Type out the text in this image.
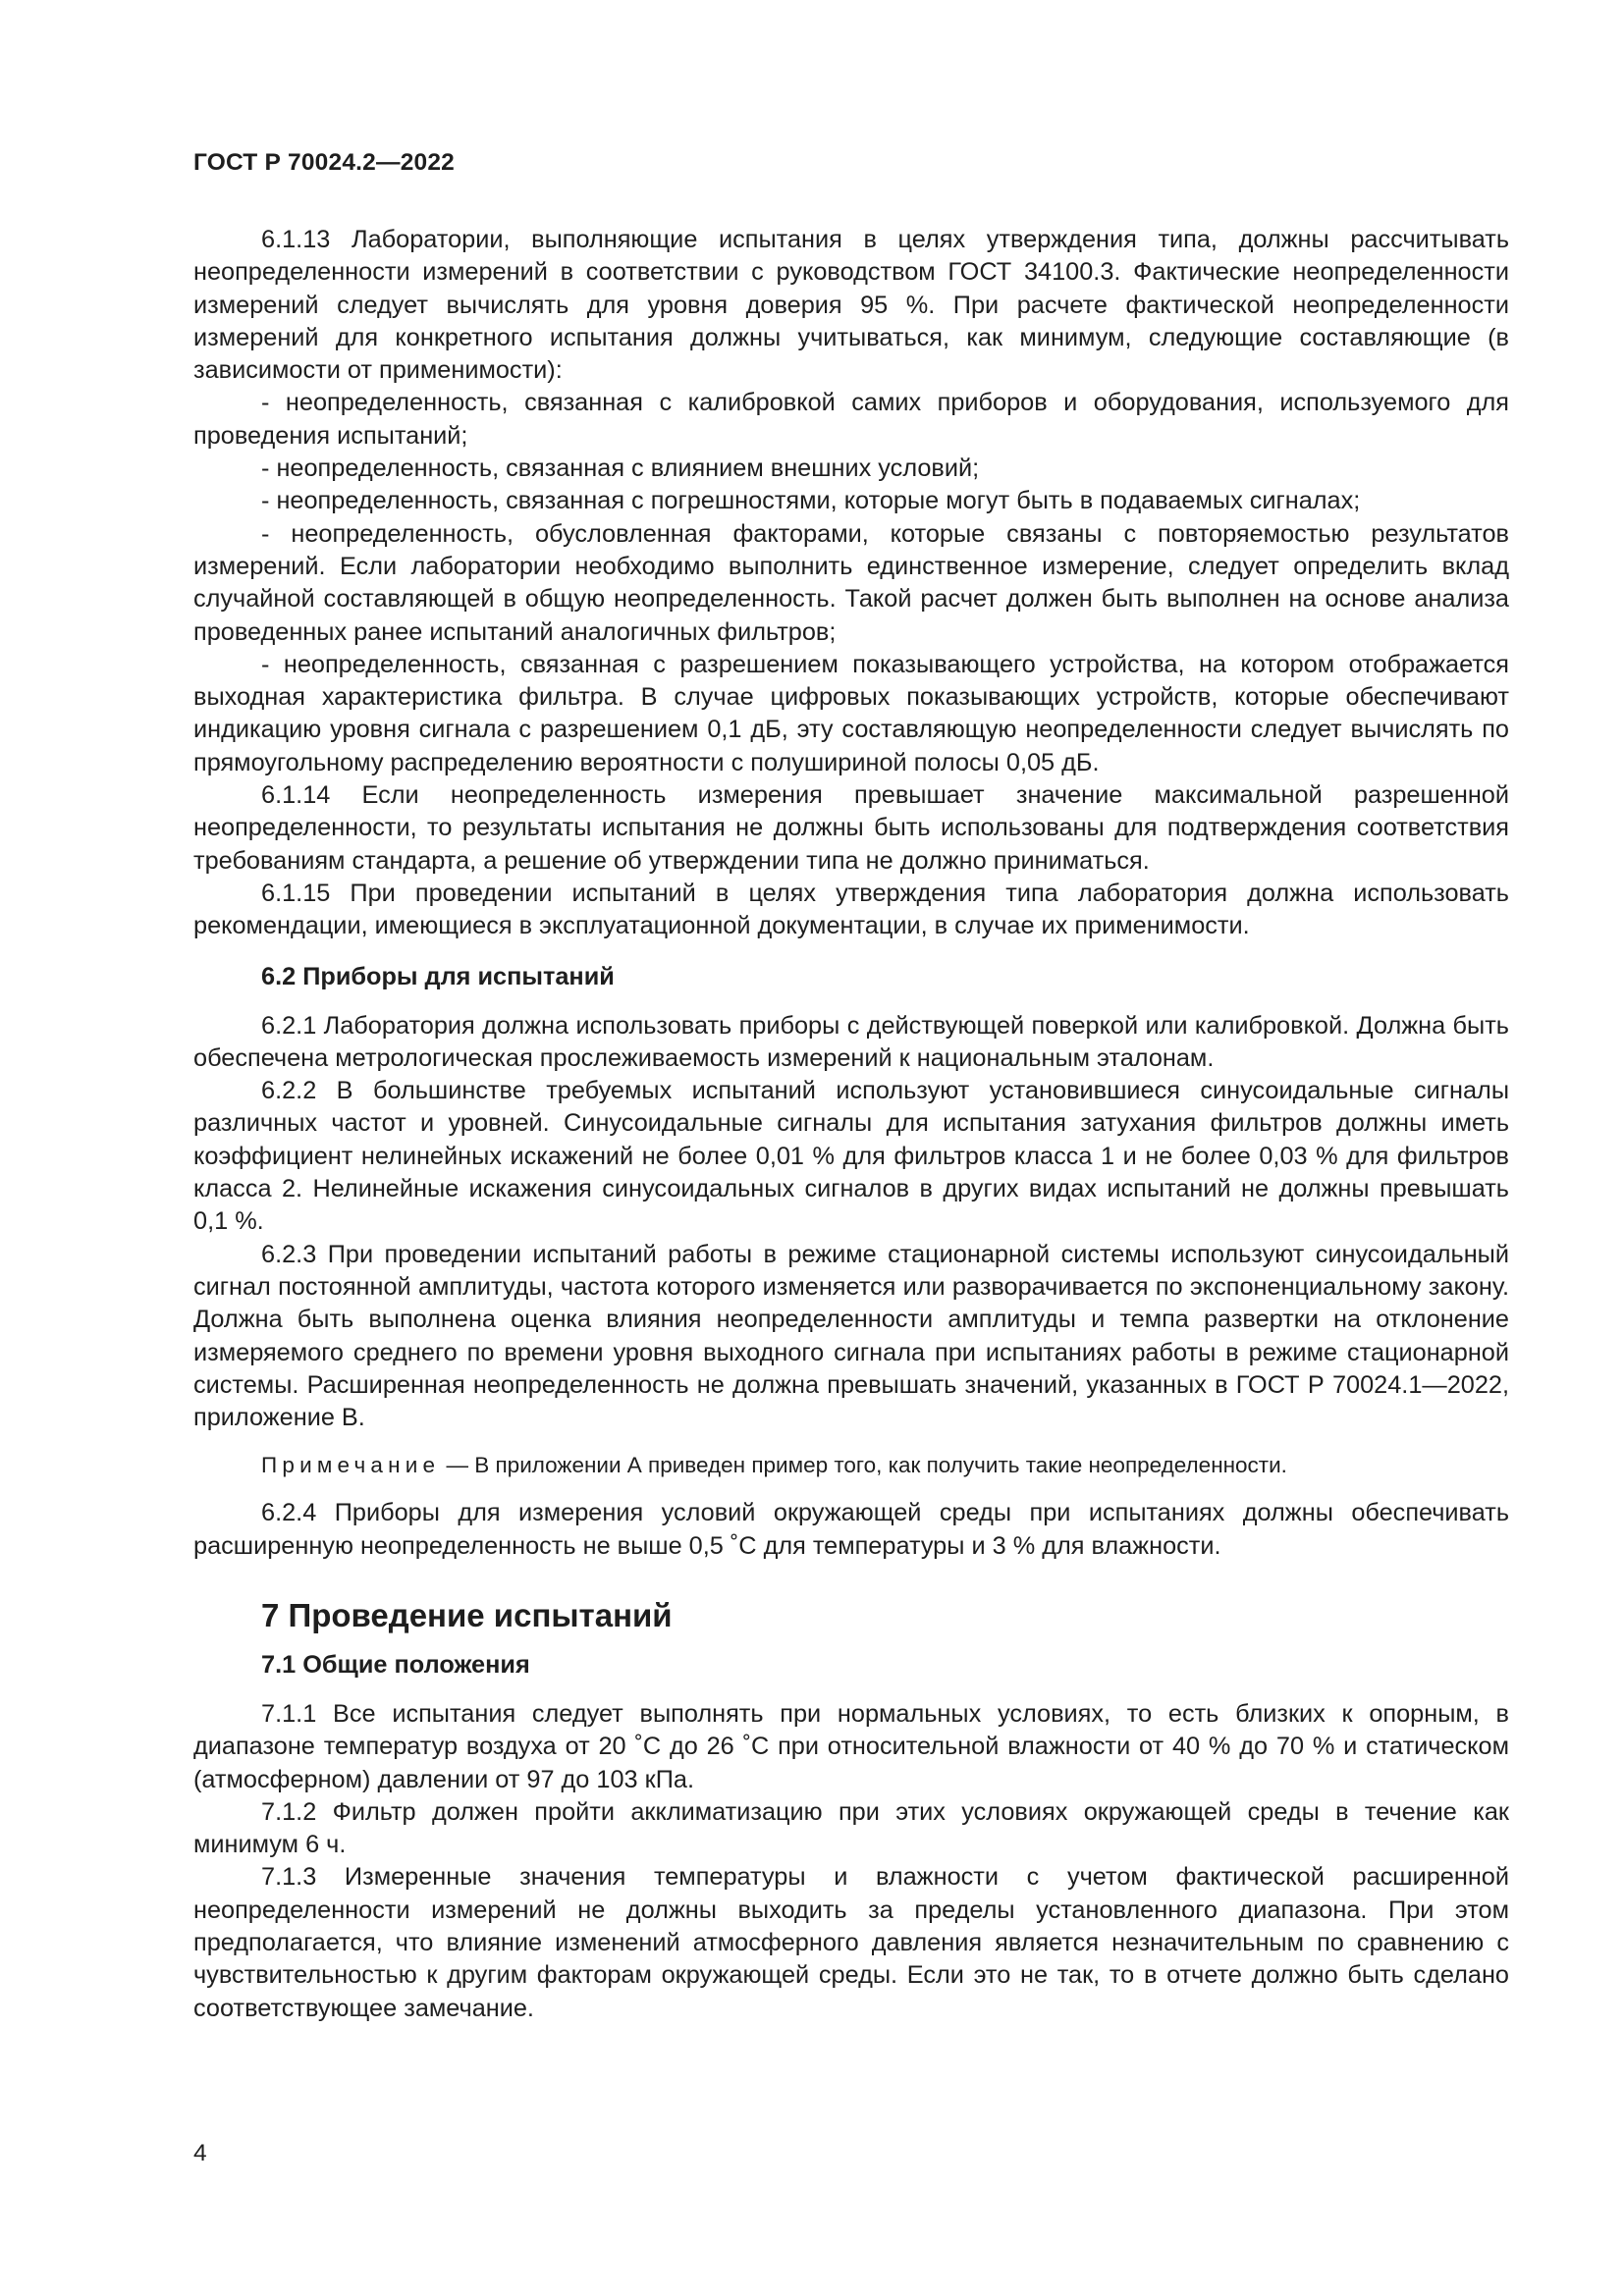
ГОСТ Р 70024.2—2022

6.1.13 Лаборатории, выполняющие испытания в целях утверждения типа, должны рассчитывать неопределенности измерений в соответствии с руководством ГОСТ 34100.3. Фактические неопределенности измерений следует вычислять для уровня доверия 95 %. При расчете фактической неопределенности измерений для конкретного испытания должны учитываться, как минимум, следующие составляющие (в зависимости от применимости):

- неопределенность, связанная с калибровкой самих приборов и оборудования, используемого для проведения испытаний;

- неопределенность, связанная с влиянием внешних условий;

- неопределенность, связанная с погрешностями, которые могут быть в подаваемых сигналах;

- неопределенность, обусловленная факторами, которые связаны с повторяемостью результатов измерений. Если лаборатории необходимо выполнить единственное измерение, следует определить вклад случайной составляющей в общую неопределенность. Такой расчет должен быть выполнен на основе анализа проведенных ранее испытаний аналогичных фильтров;

- неопределенность, связанная с разрешением показывающего устройства, на котором отображается выходная характеристика фильтра. В случае цифровых показывающих устройств, которые обеспечивают индикацию уровня сигнала с разрешением 0,1 дБ, эту составляющую неопределенности следует вычислять по прямоугольному распределению вероятности с полушириной полосы 0,05 дБ.

6.1.14 Если неопределенность измерения превышает значение максимальной разрешенной неопределенности, то результаты испытания не должны быть использованы для подтверждения соответствия требованиям стандарта, а решение об утверждении типа не должно приниматься.

6.1.15 При проведении испытаний в целях утверждения типа лаборатория должна использовать рекомендации, имеющиеся в эксплуатационной документации, в случае их применимости.

6.2 Приборы для испытаний

6.2.1 Лаборатория должна использовать приборы с действующей поверкой или калибровкой. Должна быть обеспечена метрологическая прослеживаемость измерений к национальным эталонам.

6.2.2 В большинстве требуемых испытаний используют установившиеся синусоидальные сигналы различных частот и уровней. Синусоидальные сигналы для испытания затухания фильтров должны иметь коэффициент нелинейных искажений не более 0,01 % для фильтров класса 1 и не более 0,03 % для фильтров класса 2. Нелинейные искажения синусоидальных сигналов в других видах испытаний не должны превышать 0,1 %.

6.2.3 При проведении испытаний работы в режиме стационарной системы используют синусоидальный сигнал постоянной амплитуды, частота которого изменяется или разворачивается по экспоненциальному закону. Должна быть выполнена оценка влияния неопределенности амплитуды и темпа развертки на отклонение измеряемого среднего по времени уровня выходного сигнала при испытаниях работы в режиме стационарной системы. Расширенная неопределенность не должна превышать значений, указанных в ГОСТ Р 70024.1—2022, приложение В.

Примечание — В приложении А приведен пример того, как получить такие неопределенности.

6.2.4 Приборы для измерения условий окружающей среды при испытаниях должны обеспечивать расширенную неопределенность не выше 0,5 ˚С для температуры и 3 % для влажности.

7 Проведение испытаний
7.1 Общие положения

7.1.1 Все испытания следует выполнять при нормальных условиях, то есть близких к опорным, в диапазоне температур воздуха от 20 ˚С до 26 ˚С при относительной влажности от 40 % до 70 % и статическом (атмосферном) давлении от 97 до 103 кПа.

7.1.2 Фильтр должен пройти акклиматизацию при этих условиях окружающей среды в течение как минимум 6 ч.

7.1.3 Измеренные значения температуры и влажности с учетом фактической расширенной неопределенности измерений не должны выходить за пределы установленного диапазона. При этом предполагается, что влияние изменений атмосферного давления является незначительным по сравнению с чувствительностью к другим факторам окружающей среды. Если это не так, то в отчете должно быть сделано соответствующее замечание.

4
